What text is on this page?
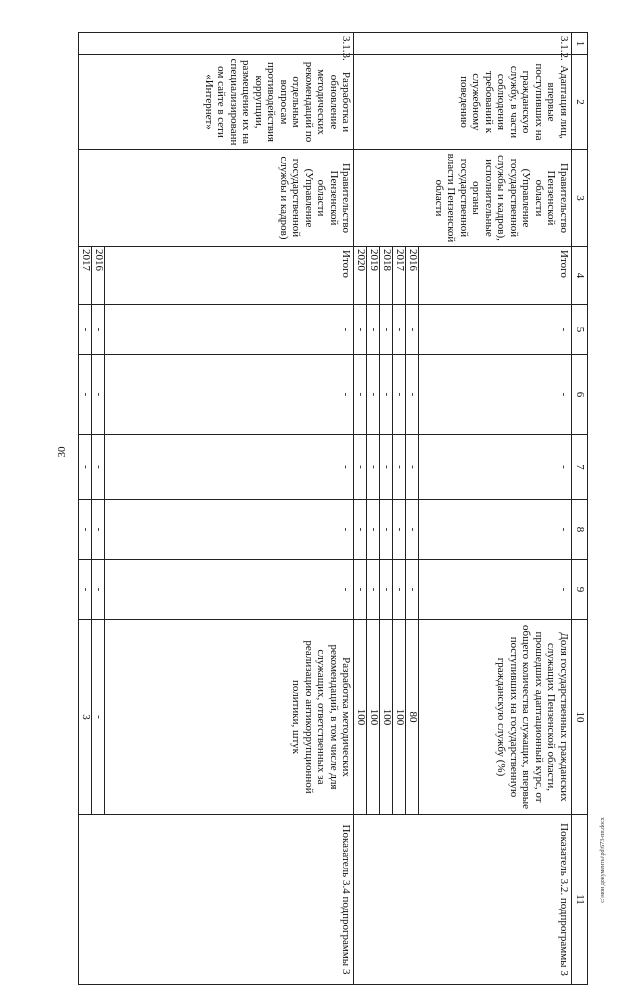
30
c:\мои документы\pd\673-пп.docx
1	2	3	4	5	6	7	8	9	10	11
3.1.2.	Адаптация лиц, впервые поступивших на гражданскую службу, в части соблюдения требований к служебному поведению	Правительство Пензенской области (Управление государственной службы и кадров), исполнительные органы государственной власти Пензенской области	Итого	-	-	-	-	-	Доля государственных гражданских служащих Пензенской области, прошедших адаптационный курс, от общего количества служащих, впервые поступивших на государственную гражданскую службу (%)	Показатель 3.2. подпрограммы 3
			2016	-	-	-	-	-	80	
			2017	-	-	-	-	-	100	
			2018	-	-	-	-	-	100	
			2019	-	-	-	-	-	100	
			2020	-	-	-	-	-	100	
3.1.3.	Разработка и обновление методических рекомендаций по отдельным вопросам противодействия коррупции, размещение их на специализированном сайте в сети «Интернет»	Правительство Пензенской области (Управление государственной службы и кадров)	Итого	-	-	-	-	-	Разработка методических рекомендаций, в том числе для служащих, ответственных за реализацию антикоррупционной политики, штук	Показатель 3.4 подпрограммы 3
			2016	-	-	-	-	-	-	
			2017	-	-	-	-	-	3	
